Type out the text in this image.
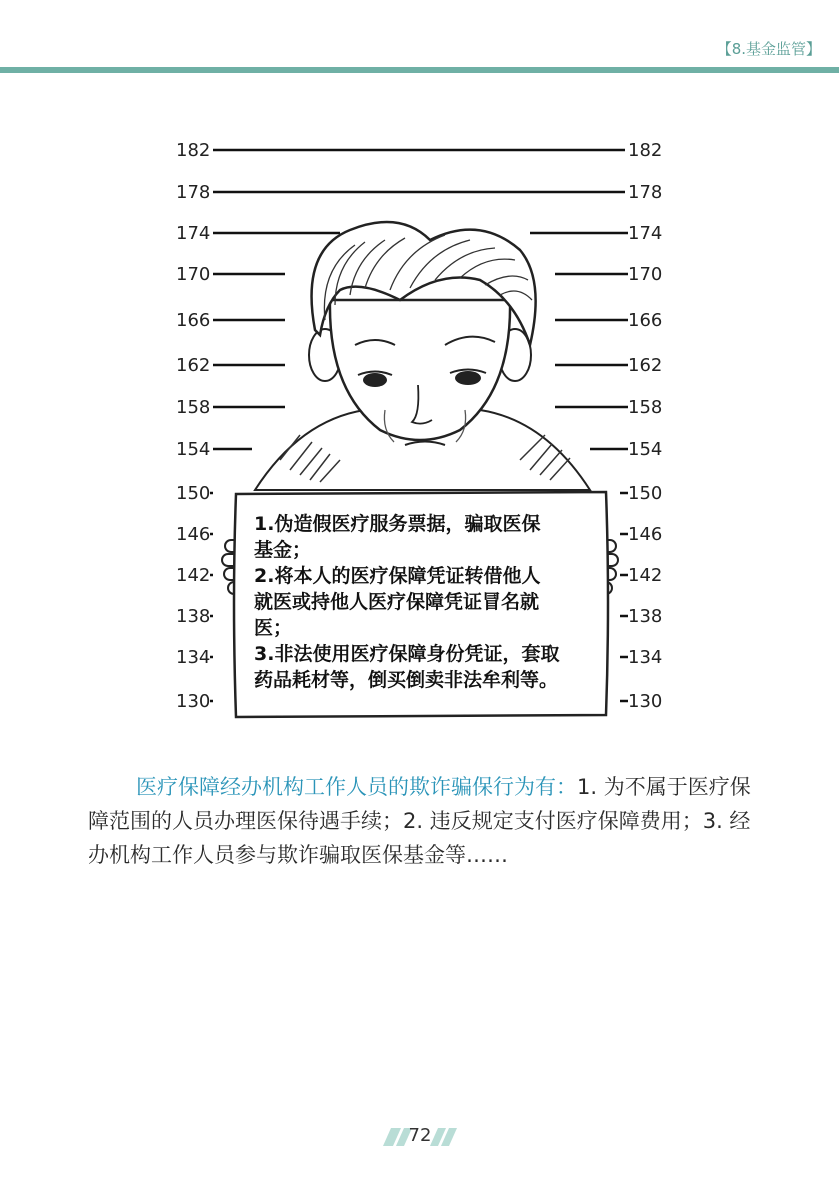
【8.基金监管】
182
178
174
170
166
162
158
154
150
146
142
138
134
130
182
178
174
170
166
162
158
154
150
146
142
138
134
130
1.伪造假医疗服务票据，骗取医保
基金；
2.将本人的医疗保障凭证转借他人
就医或持他人医疗保障凭证冒名就
医；
3.非法使用医疗保障身份凭证，套取
药品耗材等，倒买倒卖非法牟利等。
医疗保障经办机构工作人员的欺诈骗保行为有：1. 为不属于医疗保障范围的人员办理医保待遇手续；2. 违反规定支付医疗保障费用；3. 经办机构工作人员参与欺诈骗取医保基金等……
72
